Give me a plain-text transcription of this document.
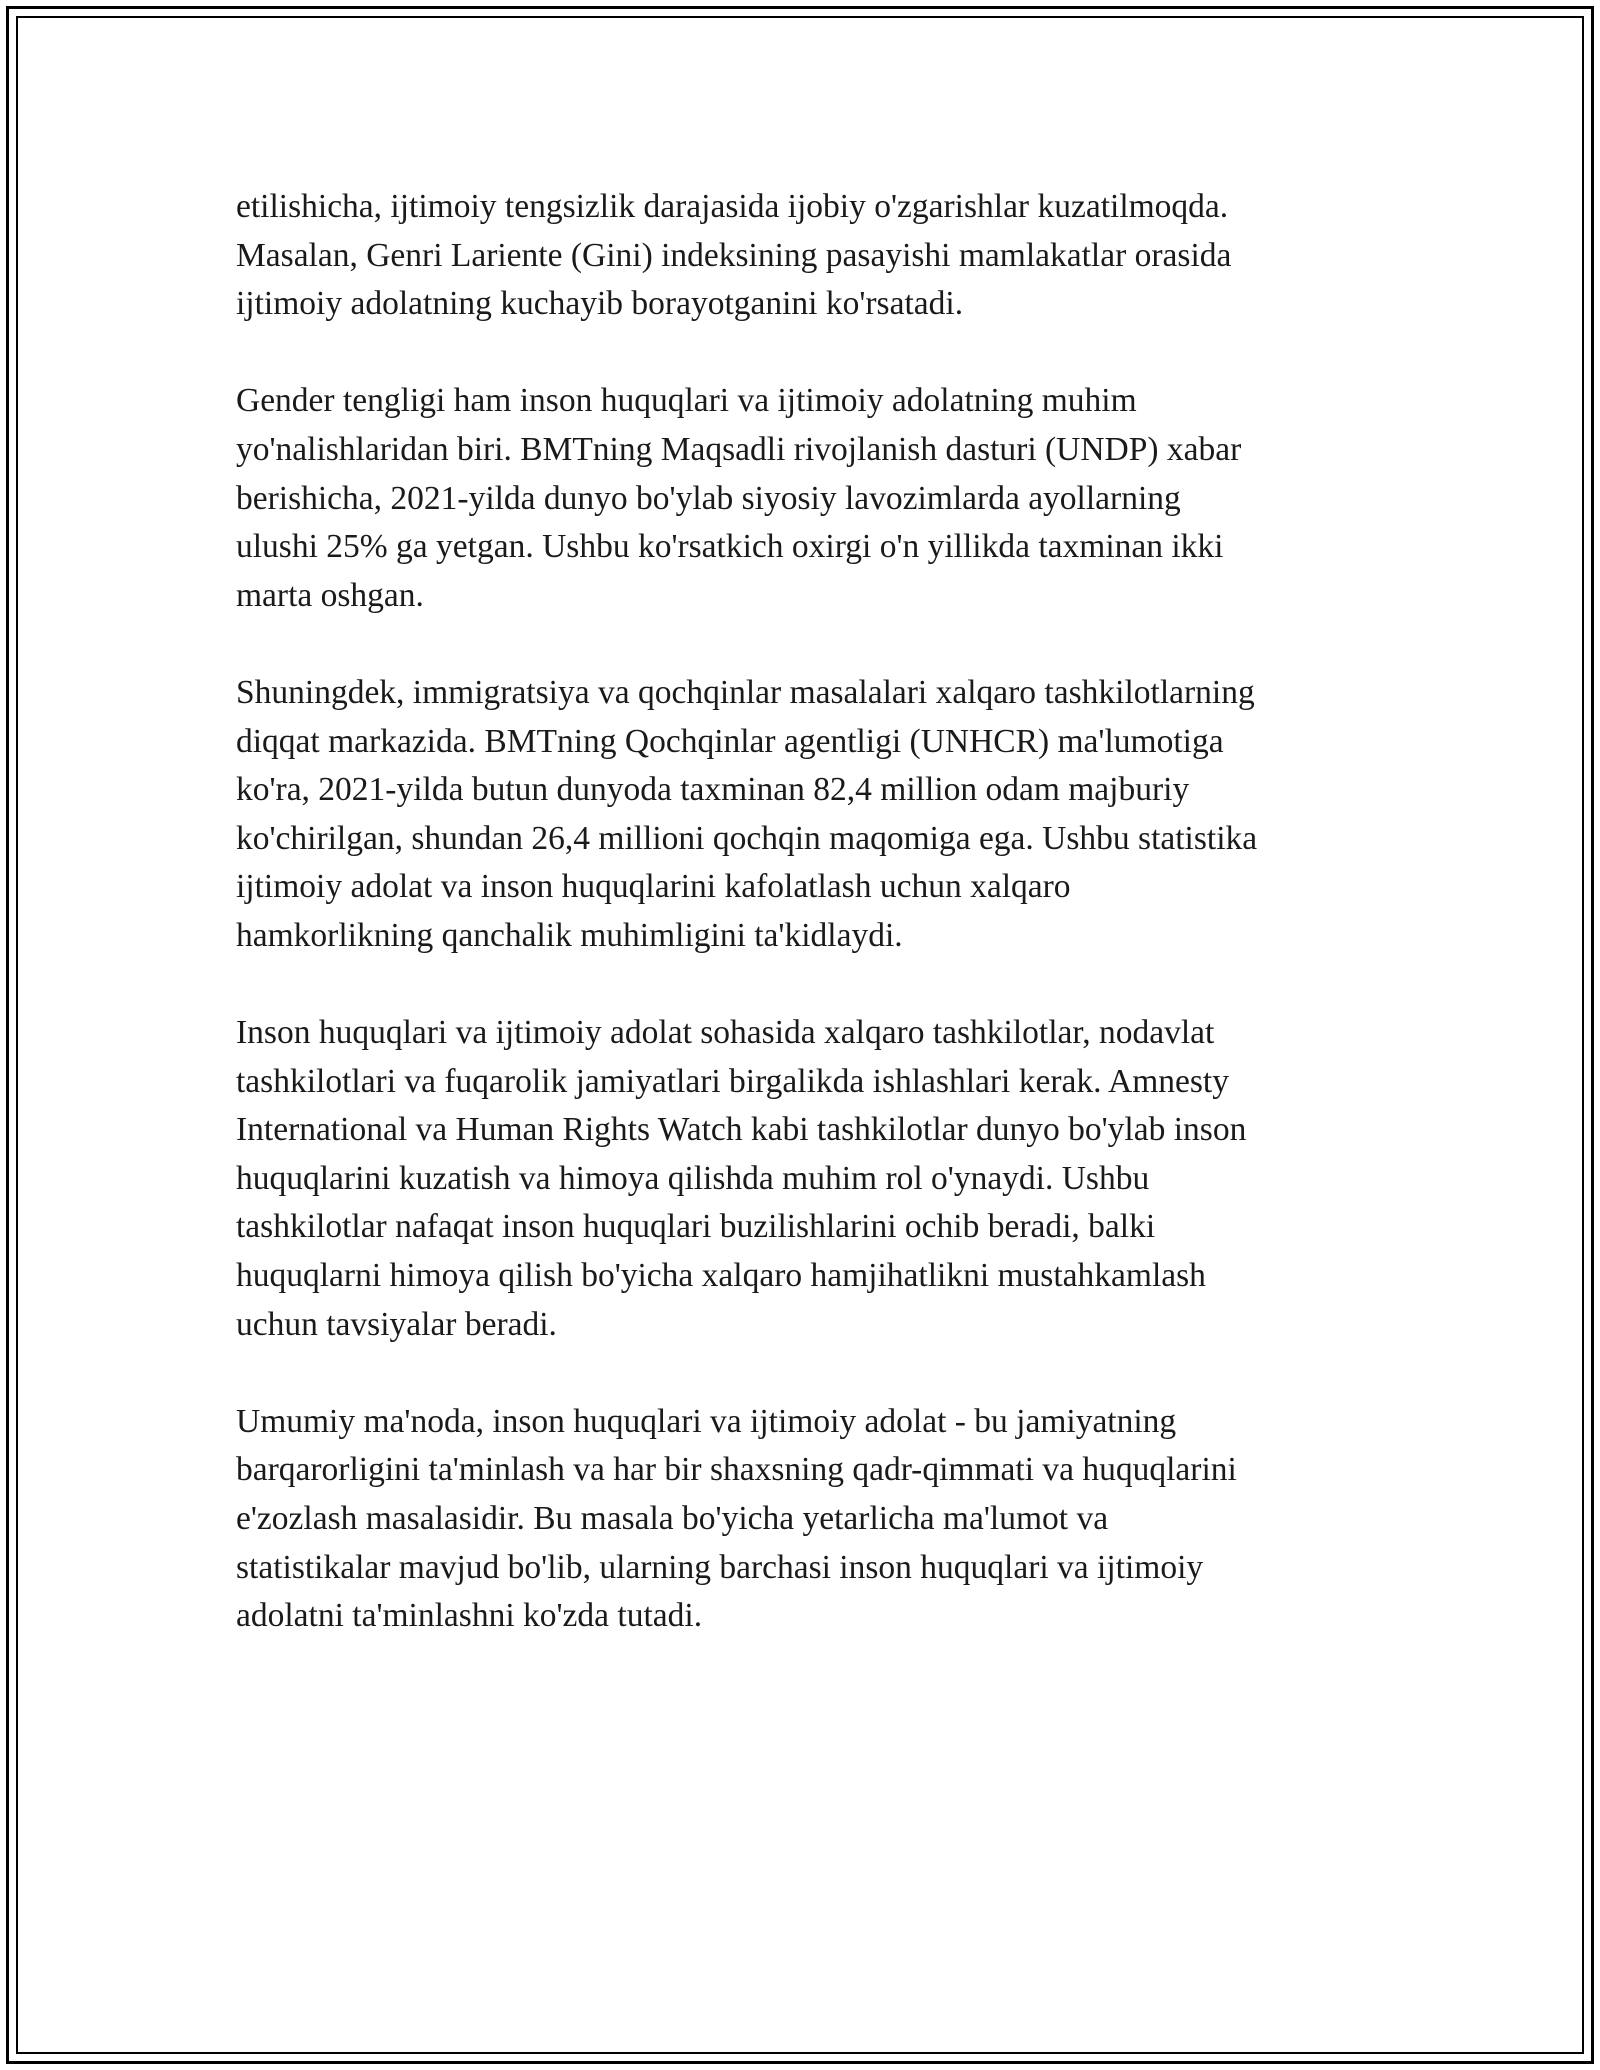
etilishicha, ijtimoiy tengsizlik darajasida ijobiy o'zgarishlar kuzatilmoqda.
Masalan, Genri Lariente (Gini) indeksining pasayishi mamlakatlar orasida
ijtimoiy adolatning kuchayib borayotganini ko'rsatadi.

Gender tengligi ham inson huquqlari va ijtimoiy adolatning muhim
yo'nalishlaridan biri. BMTning Maqsadli rivojlanish dasturi (UNDP) xabar
berishicha, 2021-yilda dunyo bo'ylab siyosiy lavozimlarda ayollarning
ulushi 25% ga yetgan. Ushbu ko'rsatkich oxirgi o'n yillikda taxminan ikki
marta oshgan.

Shuningdek, immigratsiya va qochqinlar masalalari xalqaro tashkilotlarning
diqqat markazida. BMTning Qochqinlar agentligi (UNHCR) ma'lumotiga
ko'ra, 2021-yilda butun dunyoda taxminan 82,4 million odam majburiy
ko'chirilgan, shundan 26,4 millioni qochqin maqomiga ega. Ushbu statistika
ijtimoiy adolat va inson huquqlarini kafolatlash uchun xalqaro
hamkorlikning qanchalik muhimligini ta'kidlaydi.

Inson huquqlari va ijtimoiy adolat sohasida xalqaro tashkilotlar, nodavlat
tashkilotlari va fuqarolik jamiyatlari birgalikda ishlashlari kerak. Amnesty
International va Human Rights Watch kabi tashkilotlar dunyo bo'ylab inson
huquqlarini kuzatish va himoya qilishda muhim rol o'ynaydi. Ushbu
tashkilotlar nafaqat inson huquqlari buzilishlarini ochib beradi, balki
huquqlarni himoya qilish bo'yicha xalqaro hamjihatlikni mustahkamlash
uchun tavsiyalar beradi.

Umumiy ma'noda, inson huquqlari va ijtimoiy adolat - bu jamiyatning
barqarorligini ta'minlash va har bir shaxsning qadr-qimmati va huquqlarini
e'zozlash masalasidir. Bu masala bo'yicha yetarlicha ma'lumot va
statistikalar mavjud bo'lib, ularning barchasi inson huquqlari va ijtimoiy
adolatni ta'minlashni ko'zda tutadi.
